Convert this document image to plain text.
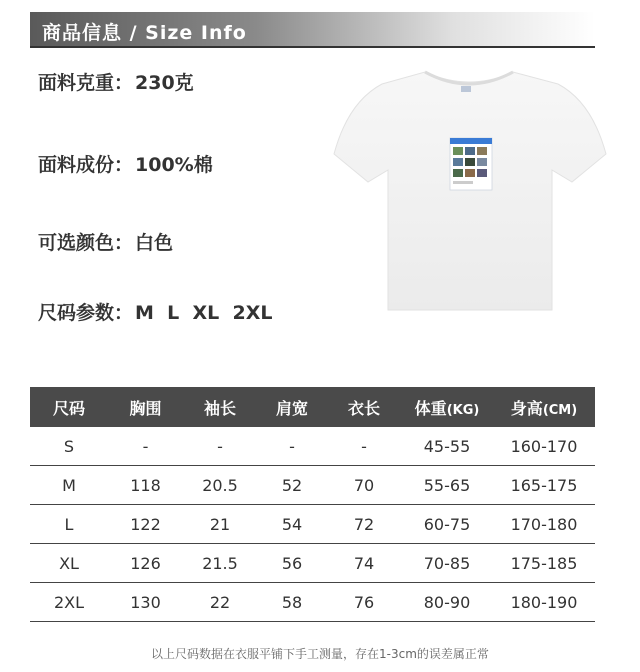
商品信息 / Size Info
面料克重： 230克
面料成份： 100%棉
可选颜色： 白色
尺码参数： M  L  XL  2XL
尺码	胸围	袖长	肩宽	衣长	体重(KG)	身高(CM)
S	-	-	-	-	45-55	160-170
M	118	20.5	52	70	55-65	165-175
L	122	21	54	72	60-75	170-180
XL	126	21.5	56	74	70-85	175-185
2XL	130	22	58	76	80-90	180-190
以上尺码数据在衣服平铺下手工测量，存在1-3cm的误差属正常
